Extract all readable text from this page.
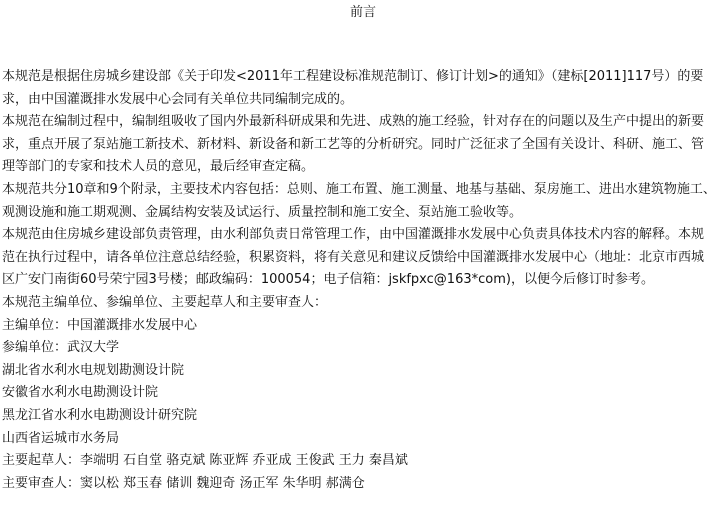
前言

本规范是根据住房城乡建设部《关于印发<2011年工程建设标准规范制订、修订计划>的通知》（建标[2011]117号）的要求，由中国灌溉排水发展中心会同有关单位共同编制完成的。

本规范在编制过程中，编制组吸收了国内外最新科研成果和先进、成熟的施工经验，针对存在的问题以及生产中提出的新要求，重点开展了泵站施工新技术、新材料、新设备和新工艺等的分析研究。同时广泛征求了全国有关设计、科研、施工、管理等部门的专家和技术人员的意见，最后经审查定稿。

本规范共分10章和9个附录，主要技术内容包括：总则、施工布置、施工测量、地基与基础、泵房施工、进出水建筑物施工、观测设施和施工期观测、金属结构安装及试运行、质量控制和施工安全、泵站施工验收等。

本规范由住房城乡建设部负责管理，由水利部负责日常管理工作，由中国灌溉排水发展中心负责具体技术内容的解释。本规范在执行过程中，请各单位注意总结经验，积累资料，将有关意见和建议反馈给中国灌溉排水发展中心（地址：北京市西城区广安门南街60号荣宁园3号楼；邮政编码：100054；电子信箱：jskfpxc@163*com)，以便今后修订时参考。

本规范主编单位、参编单位、主要起草人和主要审查人：

主编单位：中国灌溉排水发展中心

参编单位：武汉大学

湖北省水利水电规划勘测设计院

安徽省水利水电勘测设计院

黑龙江省水利水电勘测设计研究院

山西省运城市水务局

主要起草人：李端明 石自堂 骆克斌 陈亚辉 乔亚成 王俊武 王力 秦昌斌

主要审查人：窦以松 郑玉春 储训 魏迎奇 汤正军 朱华明 郝满仓
